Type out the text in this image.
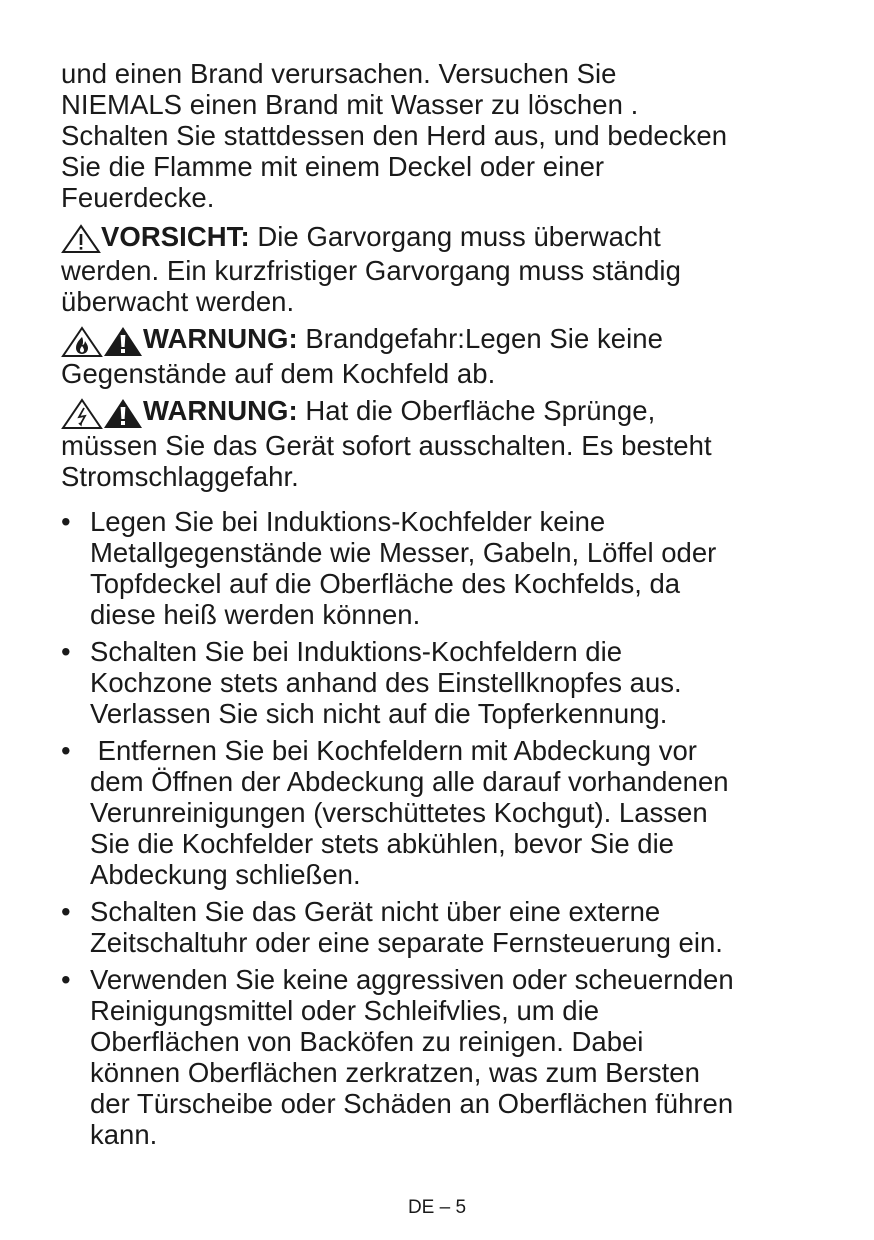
und einen Brand verursachen. Versuchen Sie
NIEMALS einen Brand mit Wasser zu löschen .
Schalten Sie stattdessen den Herd aus, und bedecken
Sie die Flamme mit einem Deckel oder einer
Feuerdecke.

VORSICHT: Die Garvorgang muss überwacht
werden. Ein kurzfristiger Garvorgang muss ständig
überwacht werden.

WARNUNG: Brandgefahr:Legen Sie keine
Gegenstände auf dem Kochfeld ab.

WARNUNG: Hat die Oberfläche Sprünge,
müssen Sie das Gerät sofort ausschalten. Es besteht
Stromschlaggefahr.

• Legen Sie bei Induktions-Kochfelder keine
Metallgegenstände wie Messer, Gabeln, Löffel oder
Topfdeckel auf die Oberfläche des Kochfelds, da
diese heiß werden können.
• Schalten Sie bei Induktions-Kochfeldern die
Kochzone stets anhand des Einstellknopfes aus.
Verlassen Sie sich nicht auf die Topferkennung.
• Entfernen Sie bei Kochfeldern mit Abdeckung vor
dem Öffnen der Abdeckung alle darauf vorhandenen
Verunreinigungen (verschüttetes Kochgut). Lassen
Sie die Kochfelder stets abkühlen, bevor Sie die
Abdeckung schließen.
• Schalten Sie das Gerät nicht über eine externe
Zeitschaltuhr oder eine separate Fernsteuerung ein.
• Verwenden Sie keine aggressiven oder scheuernden
Reinigungsmittel oder Schleifvlies, um die
Oberflächen von Backöfen zu reinigen. Dabei
können Oberflächen zerkratzen, was zum Bersten
der Türscheibe oder Schäden an Oberflächen führen
kann.
DE – 5
